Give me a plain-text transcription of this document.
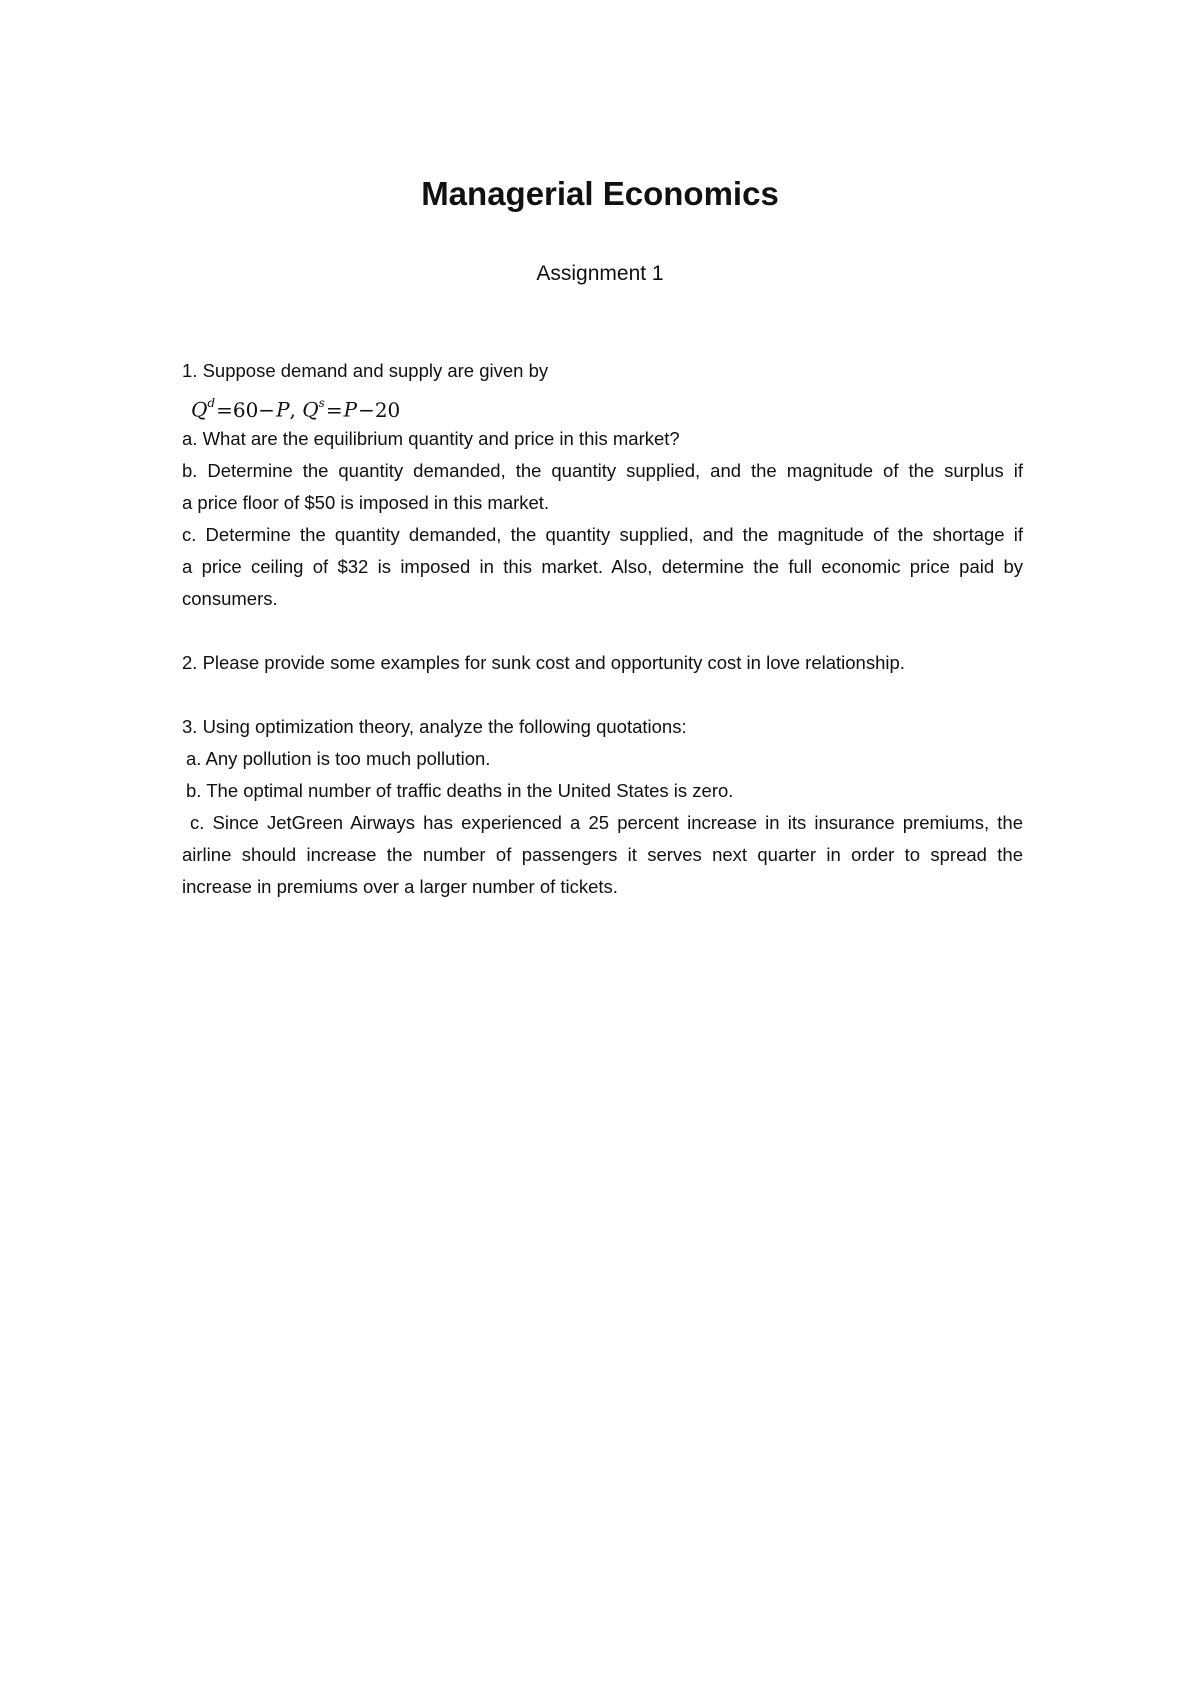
Managerial Economics
Assignment 1
1. Suppose demand and supply are given by
$Q^d=60-P$, $Q^s=P-20$
a. What are the equilibrium quantity and price in this market?
b. Determine the quantity demanded, the quantity supplied, and the magnitude of the surplus if
a price floor of $50 is imposed in this market.
c. Determine the quantity demanded, the quantity supplied, and the magnitude of the shortage if
a price ceiling of $32 is imposed in this market. Also, determine the full economic price paid by
consumers.
2. Please provide some examples for sunk cost and opportunity cost in love relationship.
3. Using optimization theory, analyze the following quotations:
a. Any pollution is too much pollution.
b. The optimal number of traffic deaths in the United States is zero.
c. Since JetGreen Airways has experienced a 25 percent increase in its insurance premiums, the
airline should increase the number of passengers it serves next quarter in order to spread the
increase in premiums over a larger number of tickets.
